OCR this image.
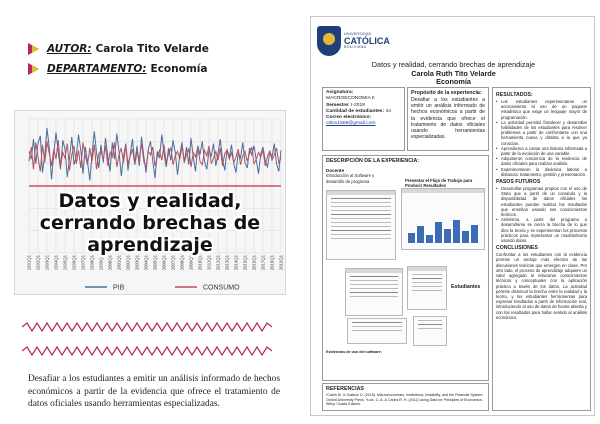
AUTOR: Carola Tito Velarde
DEPARTAMENTO: Economía
1991Q1 1992Q1 1993Q1 1994Q1 1995Q1 1996Q1 1997Q1 1998Q1 1999Q1 2000Q1 2001Q1 2002Q1 2003Q1 2004Q1 2005Q1 2006Q1 2007Q1 2008Q1 2009Q1 2010Q1 2011Q1 2012Q1 2013Q1 2014Q1 2015Q1 2016Q1 2017Q1 2018Q1 2019Q1
PIB	CONSUMO
Datos y realidad, cerrando brechas de aprendizaje

Desafiar a los estudiantes a emitir un análisis informado de hechos económicos a partir de la evidencia que ofrece el tratamiento de datos oficiales usando herramientas especializadas.

UNIVERSIDAD
CATÓLICA
BOLIVIANA
Datos y realidad, cerrando brechas de aprendizaje
Carola Ruth Tito Velarde
Economía
Asignatura:
MACROECONOMIA II
Semestre: I-2019
Cantidad de estudiantes: 44
Correo electrónico:
ctitov1588@gmail.com
Propósito de la experiencia:

Desafiar a los estudiantes a emitir un análisis informado de hechos económicos a partir de la evidencia que ofrece el tratamiento de datos oficiales usando herramientas especializadas.

DESCRIPCIÓN DE LA EXPERIENCIA:
Docente
Introducción al Software y desarrollo de programa	Presentar el Flujo de Trabajo para Producir Resultados
Estudiantes
Evidencias de uso del software:
REFERENCIAS

*Carlin W. & Soskice D. (2015). Macroeconomics, Institutions, Instability, and the Financial System. Oxford University Press. *Luis, C. A. & Carlos R. H. (2011) Using Data for Principles of Economics. Wiley. Cuarta Edición.

RESULTADOS:
• Los estudiantes experimentaron un acercamiento al uso de un paquete estadístico que exige un lenguaje mayor de programación.
• La actividad permitió fortalecer y desarrollar habilidades de los estudiantes para resolver problemas a partir de confrontarse con una herramienta nueva y distinta a la que ya conocían.
• Aprendieron a contar una historia informada a partir de la evolución de una variable.
• Adquirieron conciencia de la evidencia de datos oficiales para realizar análisis.
• Experimentaron la dinámica laboral a distancia: tratamiento, gestión y presentación.
PASOS FUTUROS
• Desarrollar programas propios con el uso de Stata que a partir de un comando y la disponibilidad de datos oficiales los estudiantes puedan realizar los resultados que enseñan usando sus conocimientos teóricos.
• Asimismo, a partir del programa a desarrollarse se cierra la brecha de lo que dice la teoría y se experimentan los procesos prácticos para representar un modelo/teoría usando datos.
CONCLUSIONES
Confrontar a los estudiantes con la evidencia permite un anclaje más efectivo de las discusiones teóricas que emergen en clase. Por otro lado, el proceso de aprendizaje adquiere un valor agregado al relacionar conocimientos técnicos y conceptuales con la aplicación práctica a través de los datos. La actividad permite disminuir la brecha entre la realidad y la teoría, y los estudiantes herramientas para expresar resultados a partir de información real, introduciendo al uso de datos de fuente abierta y con los resultados para hallar sentido al análisis económico.
